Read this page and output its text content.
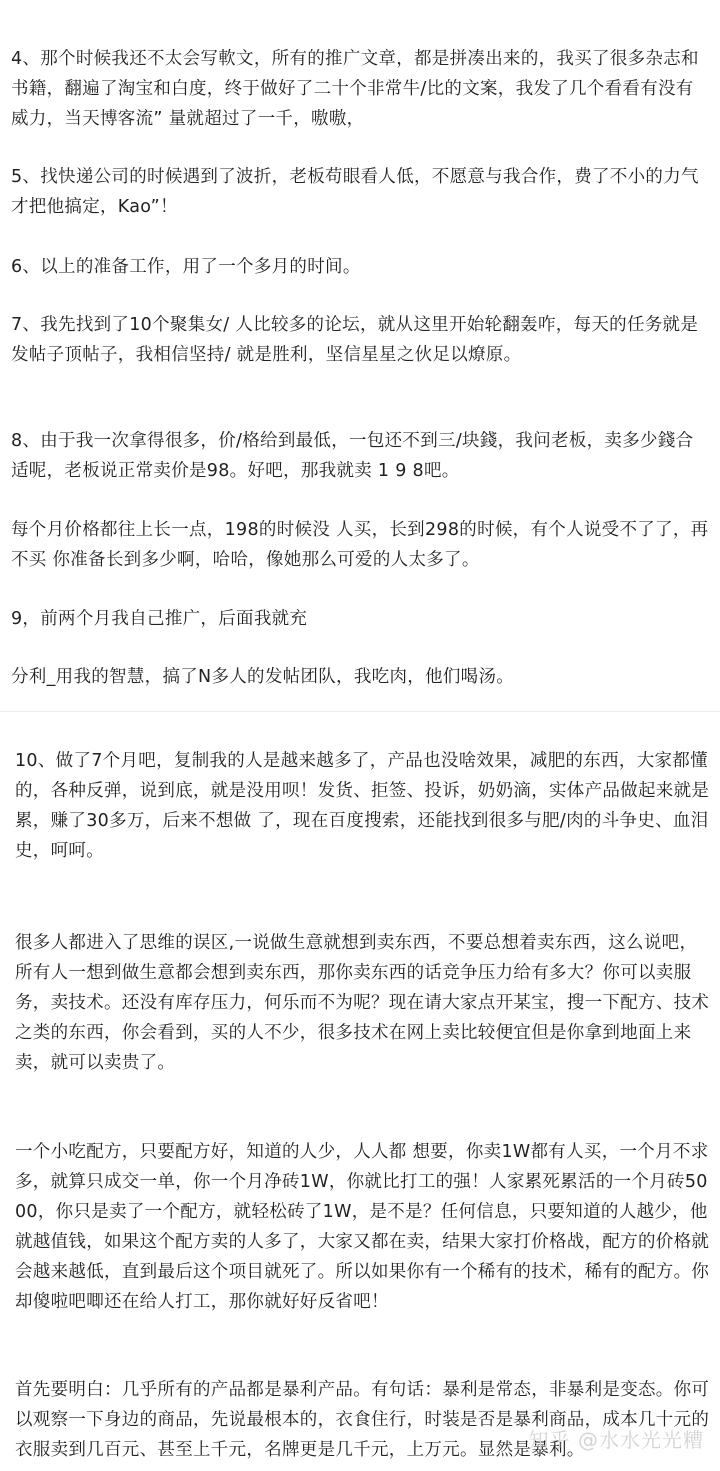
4、那个时候我还不太会写軟文，所有的推广文章，都是拼凑出来的，我买了很多杂志和书籍，翻遍了淘宝和白度，终于做好了二十个非常牛/比的文案，我发了几个看看有没有威力，当天博客流” 量就超过了一千，嗷嗷，

5、找快递公司的时候遇到了波折，老板苟眼看人低，不愿意与我合作，费了不小的力气才把他搞定，Kao”！

6、以上的准备工作，用了一个多月的时间。

7、我先找到了10个聚集女/ 人比较多的论坛，就从这里开始轮翻轰咋，每天的任务就是发帖子顶帖子，我相信坚持/ 就是胜利，坚信星星之伙足以燎原。

8、由于我一次拿得很多，价/格给到最低，一包还不到三/块錢，我问老板，卖多少錢合适呢，老板说正常卖价是98。好吧，那我就卖 1 9 8吧。

每个月价格都往上长一点，198的时候没 人买，长到298的时候，有个人说受不了了，再不买 你准备长到多少啊，哈哈，像她那么可爱的人太多了。

9，前两个月我自己推广，后面我就充

分利_用我的智慧，搞了N多人的发帖团队，我吃肉，他们喝汤。

10、做了7个月吧，复制我的人是越来越多了，产品也没啥效果，减肥的东西，大家都懂的，各种反弹，说到底，就是没用呗！发货、拒签、投诉，奶奶滴，实体产品做起来就是累，赚了30多万，后来不想做 了，现在百度搜索，还能找到很多与肥/肉的斗争史、血泪史，呵呵。

很多人都进入了思维的误区,一说做生意就想到卖东西，不要总想着卖东西，这么说吧，所有人一想到做生意都会想到卖东西，那你卖东西的话竞争压力给有多大？你可以卖服务，卖技术。还没有库存压力，何乐而不为呢？现在请大家点开某宝，搜一下配方、技术之类的东西，你会看到，买的人不少，很多技术在网上卖比较便宜但是你拿到地面上来卖，就可以卖贵了。

一个小吃配方，只要配方好，知道的人少，人人都 想要，你卖1W都有人买，一个月不求多，就算只成交一单，你一个月净砖1W，你就比打工的强！人家累死累活的一个月砖5000，你只是卖了一个配方，就轻松砖了1W，是不是？任何信息，只要知道的人越少，他就越值钱，如果这个配方卖的人多了，大家又都在卖，结果大家打价格战，配方的价格就会越来越低，直到最后这个项目就死了。所以如果你有一个稀有的技术，稀有的配方。你却傻啦吧唧还在给人打工，那你就好好反省吧！

首先要明白：几乎所有的产品都是暴利产品。有句话：暴利是常态，非暴利是变态。你可以观察一下身边的商品，先说最根本的，衣食住行，时装是否是暴利商品，成本几十元的衣服卖到几百元、甚至上千元，名牌更是几千元，上万元。显然是暴利。

知乎 @水水光光糟
